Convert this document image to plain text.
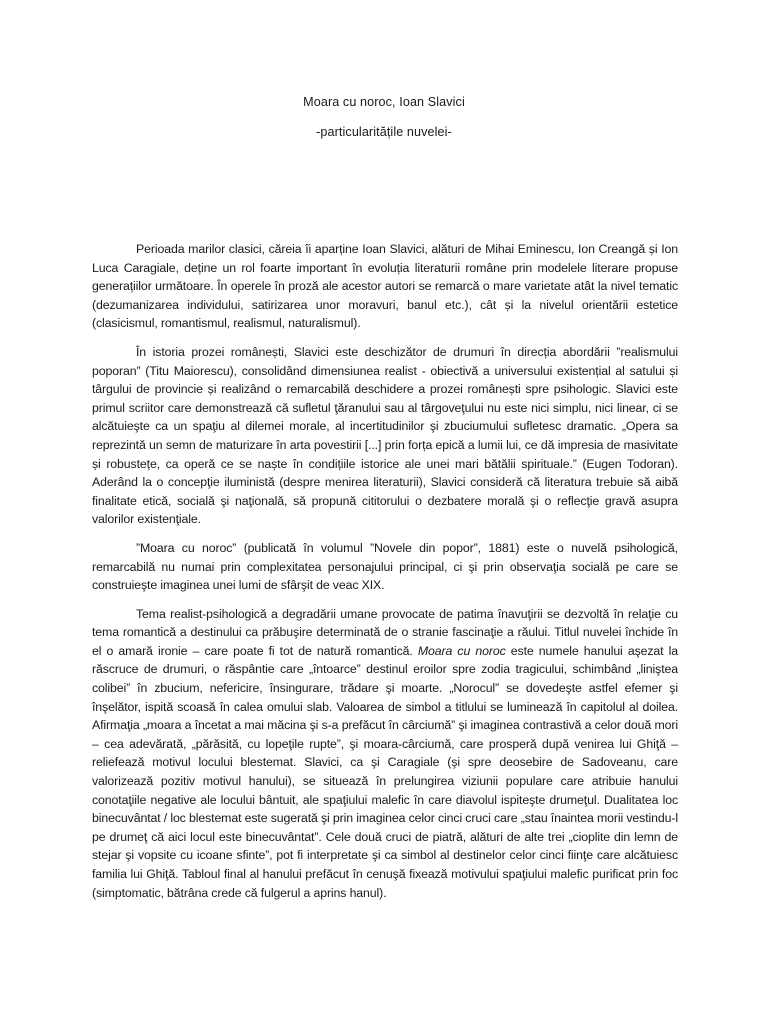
Moara cu noroc, Ioan Slavici
-particularitățile nuvelei-

Perioada marilor clasici, căreia îi aparține Ioan Slavici, alături de Mihai Eminescu, Ion Creangă și Ion Luca Caragiale, deține un rol foarte important în evoluția literaturii române prin modelele literare propuse generațiilor următoare. În operele în proză ale acestor autori se remarcă o mare varietate atât la nivel tematic (dezumanizarea individului, satirizarea unor moravuri, banul etc.), cât și la nivelul orientării estetice (clasicismul, romantismul, realismul, naturalismul).

În istoria prozei românești, Slavici este deschizător de drumuri în direcția abordării ”realismului poporan” (Titu Maiorescu), consolidând dimensiunea realist - obiectivă a universului existențial al satului și târgului de provincie și realizând o remarcabilă deschidere a prozei românești spre psihologic. Slavici este primul scriitor care demonstrează că sufletul ţăranului sau al târgoveţului nu este nici simplu, nici linear, ci se alcătuieşte ca un spaţiu al dilemei morale, al incertitudinilor şi zbuciumului sufletesc dramatic. „Opera sa reprezintă un semn de maturizare în arta povestirii [...] prin forța epică a lumii lui, ce dă impresia de masivitate și robustețe, ca operă ce se naște în condițiile istorice ale unei mari bătălii spirituale.” (Eugen Todoran). Aderând la o concepţie iluministă (despre menirea literaturii), Slavici consideră că literatura trebuie să aibă finalitate etică, socială şi naţională, să propună cititorului o dezbatere morală şi o reflecţie gravă asupra valorilor existenţiale.

”Moara cu noroc” (publicată în volumul ”Novele din popor”, 1881) este o nuvelă psihologică, remarcabilă nu numai prin complexitatea personajului principal, ci şi prin observaţia socială pe care se construieşte imaginea unei lumi de sfârşit de veac XIX.

Tema realist-psihologică a degradării umane provocate de patima înavuţirii se dezvoltă în relaţie cu tema romantică a destinului ca prăbuşire determinată de o stranie fascinaţie a răului. Titlul nuvelei închide în el o amară ironie – care poate fi tot de natură romantică. Moara cu noroc este numele hanului aşezat la răscruce de drumuri, o răspântie care „întoarce” destinul eroilor spre zodia tragicului, schimbând „liniştea colibei” în zbucium, nefericire, însingurare, trădare şi moarte. „Norocul” se dovedeşte astfel efemer şi înşelător, ispită scoasă în calea omului slab. Valoarea de simbol a titlului se luminează în capitolul al doilea. Afirmaţia „moara a încetat a mai măcina şi s-a prefăcut în cârciumă” şi imaginea contrastivă a celor două mori – cea adevărată, „părăsită, cu lopeţile rupte”, şi moara-cârciumă, care prosperă după venirea lui Ghiţă – reliefează motivul locului blestemat. Slavici, ca şi Caragiale (şi spre deosebire de Sadoveanu, care valorizează pozitiv motivul hanului), se situează în prelungirea viziunii populare care atribuie hanului conotaţiile negative ale locului bântuit, ale spaţiului malefic în care diavolul ispiteşte drumeţul. Dualitatea loc binecuvântat / loc blestemat este sugerată şi prin imaginea celor cinci cruci care „stau înaintea morii vestindu-l pe drumeţ că aici locul este binecuvântat”. Cele două cruci de piatră, alături de alte trei „cioplite din lemn de stejar şi vopsite cu icoane sfinte”, pot fi interpretate şi ca simbol al destinelor celor cinci fiinţe care alcătuiesc familia lui Ghiţă. Tabloul final al hanului prefăcut în cenuşă fixează motivului spaţiului malefic purificat prin foc (simptomatic, bătrâna crede că fulgerul a aprins hanul).
